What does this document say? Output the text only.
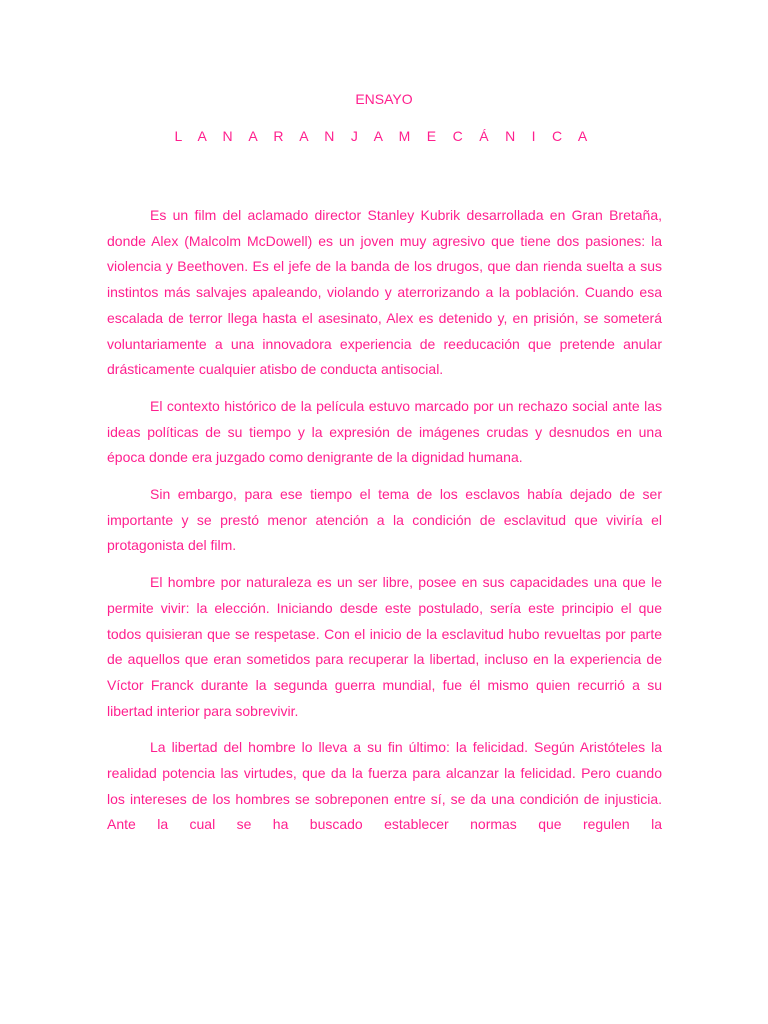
ENSAYO
L A N A R A N J A M E C Á N I C A

Es un film del aclamado director Stanley Kubrik desarrollada en Gran Bretaña, donde Alex (Malcolm McDowell) es un joven muy agresivo que tiene dos pasiones: la violencia y Beethoven. Es el jefe de la banda de los drugos, que dan rienda suelta a sus instintos más salvajes apaleando, violando y aterrorizando a la población. Cuando esa escalada de terror llega hasta el asesinato, Alex es detenido y, en prisión, se someterá voluntariamente a una innovadora experiencia de reeducación que pretende anular drásticamente cualquier atisbo de conducta antisocial.

El contexto histórico de la película estuvo marcado por un rechazo social ante las ideas políticas de su tiempo y la expresión de imágenes crudas y desnudos en una época donde era juzgado como denigrante de la dignidad humana.

Sin embargo, para ese tiempo el tema de los esclavos había dejado de ser importante y se prestó menor atención a la condición de esclavitud que viviría el protagonista del film.

El hombre por naturaleza es un ser libre, posee en sus capacidades una que le permite vivir: la elección. Iniciando desde este postulado, sería este principio el que todos quisieran que se respetase. Con el inicio de la esclavitud hubo revueltas por parte de aquellos que eran sometidos para recuperar la libertad, incluso en la experiencia de Víctor Franck durante la segunda guerra mundial, fue él mismo quien recurrió a su libertad interior para sobrevivir.

La libertad del hombre lo lleva a su fin último: la felicidad. Según Aristóteles la realidad potencia las virtudes, que da la fuerza para alcanzar la felicidad. Pero cuando los intereses de los hombres se sobreponen entre sí, se da una condición de injusticia. Ante la cual se ha buscado establecer normas que regulen la
